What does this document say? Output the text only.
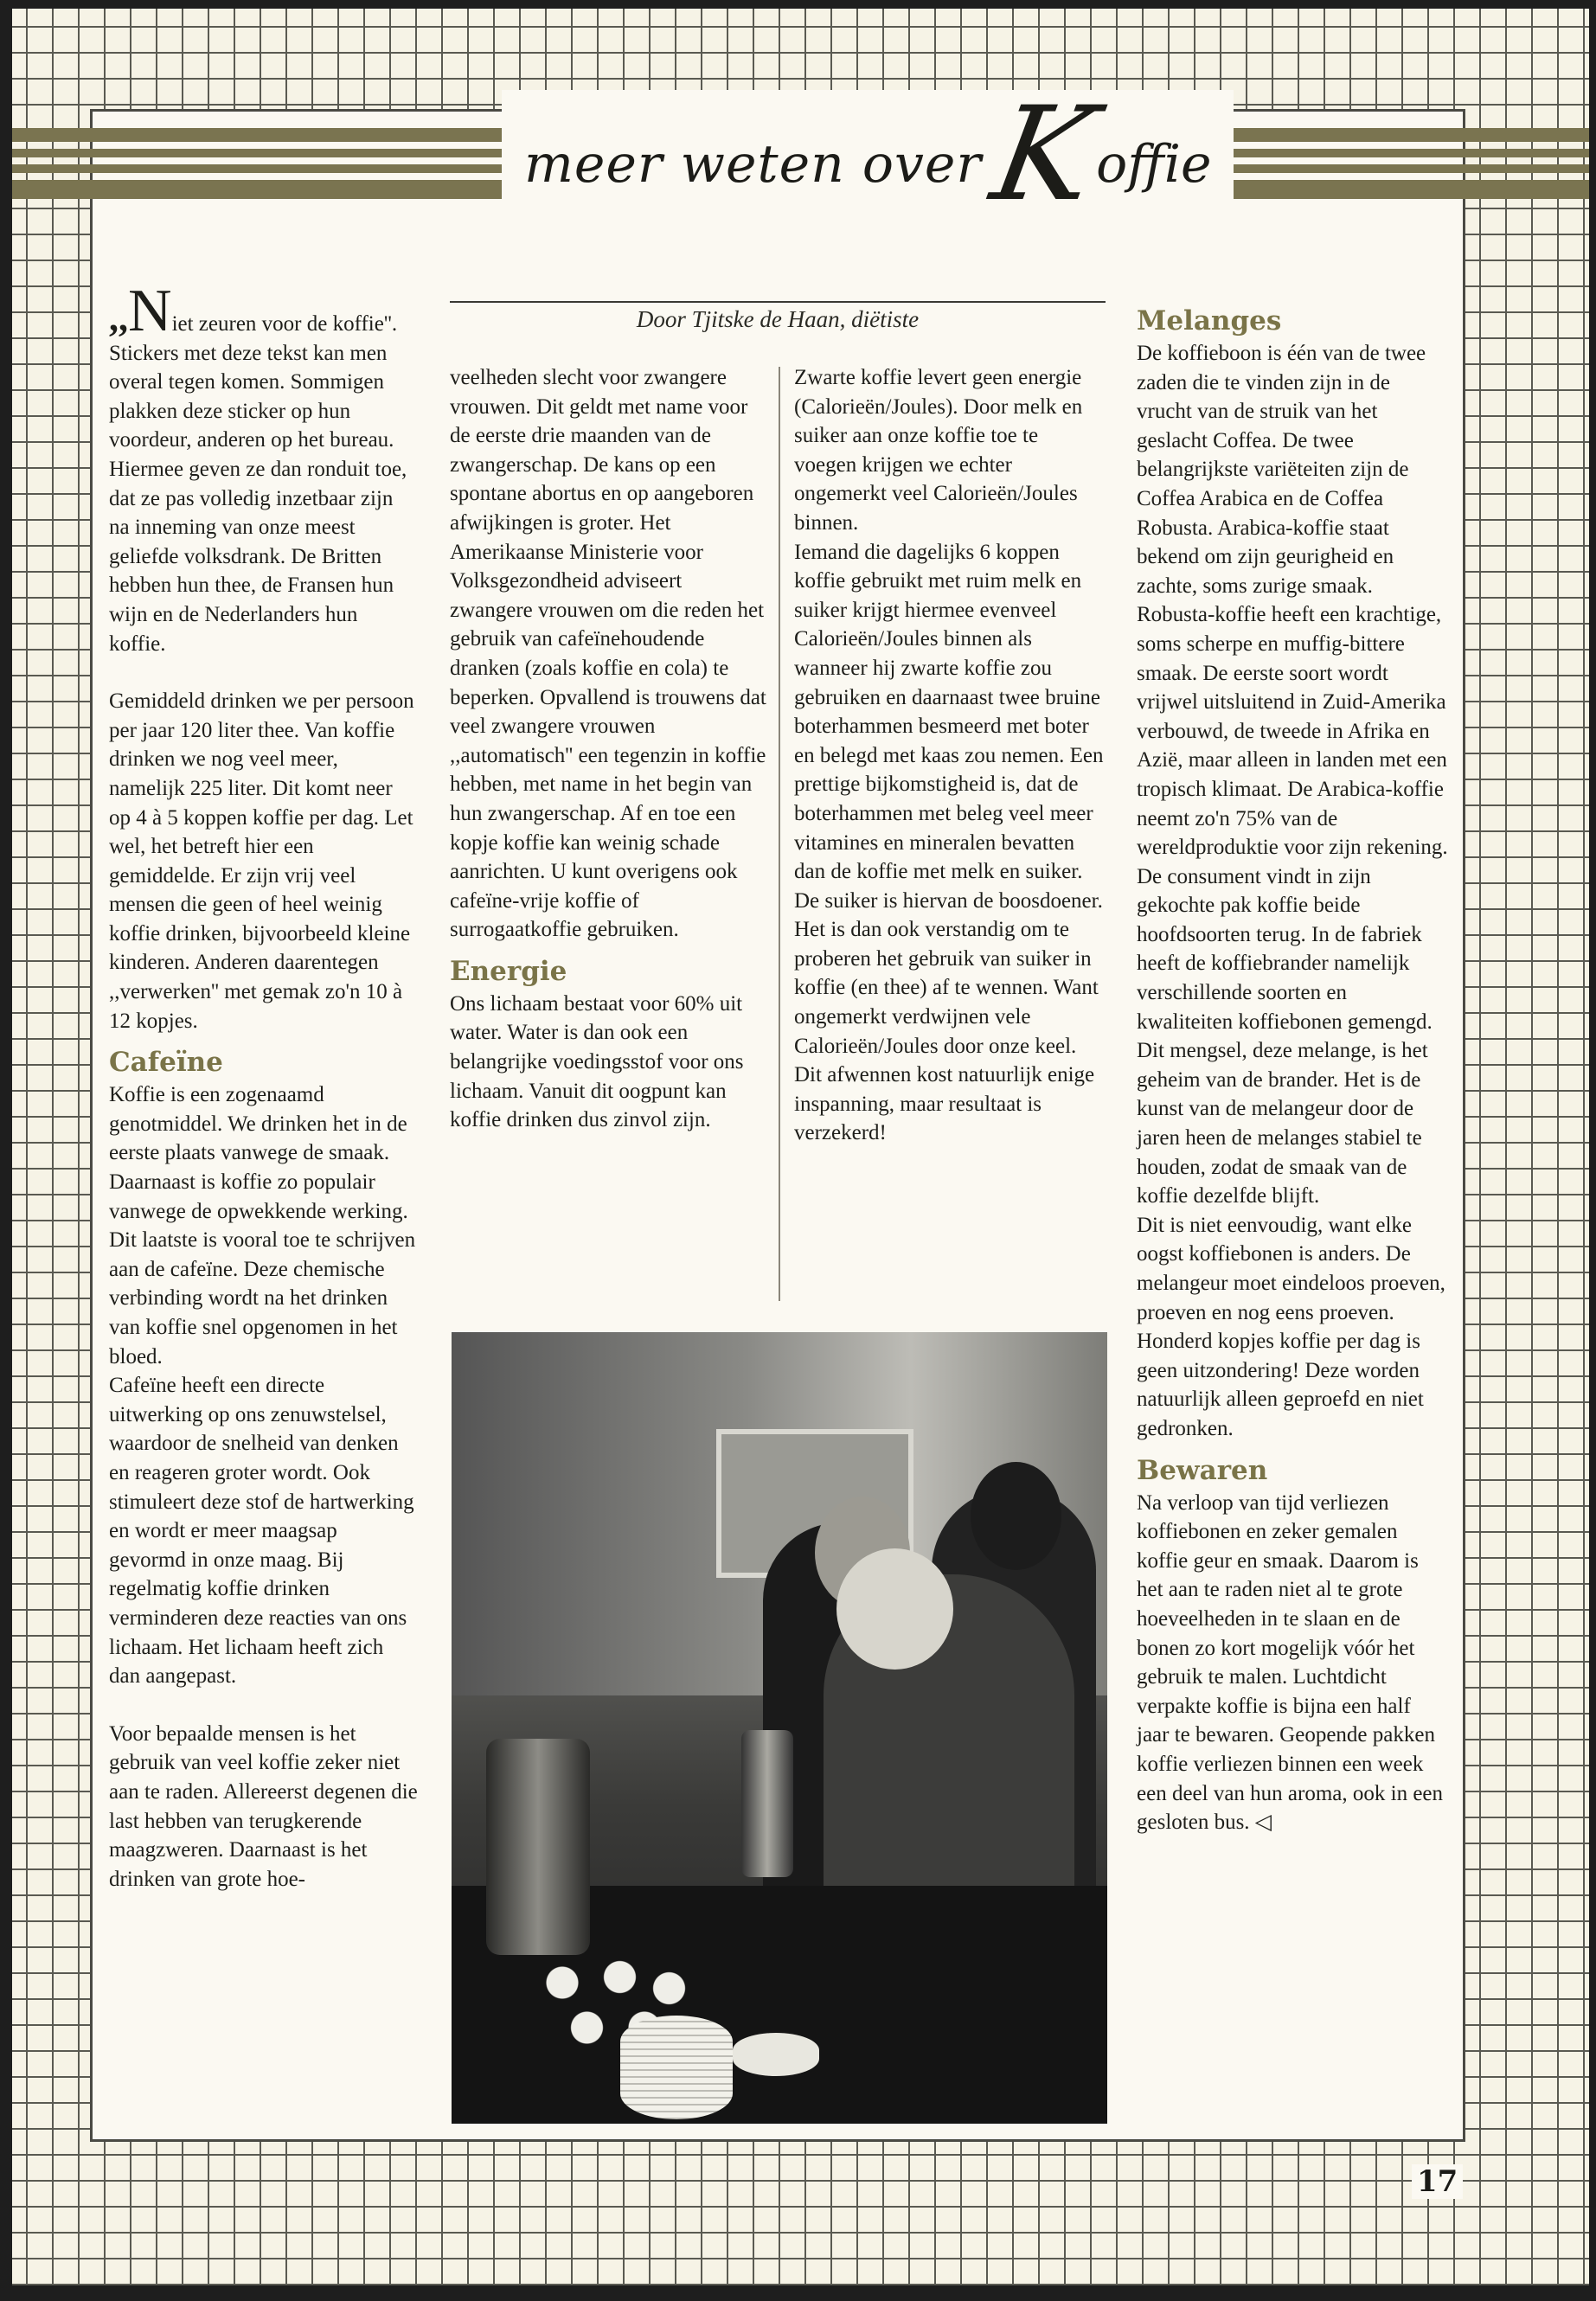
meer weten over K
offie
Door Tjitske de Haan, diëtiste

,,Niet zeuren voor de koffie''. Stickers met deze tekst kan men overal tegen komen. Sommigen plakken deze sticker op hun voordeur, anderen op het bureau. Hiermee geven ze dan ronduit toe, dat ze pas volledig inzetbaar zijn na inneming van onze meest geliefde volksdrank. De Britten hebben hun thee, de Fransen hun wijn en de Nederlanders hun koffie.

Gemiddeld drinken we per persoon per jaar 120 liter thee. Van koffie drinken we nog veel meer, namelijk 225 liter. Dit komt neer op 4 à 5 koppen koffie per dag. Let wel, het betreft hier een gemiddelde. Er zijn vrij veel mensen die geen of heel weinig koffie drinken, bijvoorbeeld kleine kinderen. Anderen daarentegen ,,verwerken'' met gemak zo'n 10 à 12 kopjes.

Cafeïne

Koffie is een zogenaamd genotmiddel. We drinken het in de eerste plaats vanwege de smaak. Daarnaast is koffie zo populair vanwege de opwekkende werking. Dit laatste is vooral toe te schrijven aan de cafeïne. Deze chemische verbinding wordt na het drinken van koffie snel opgenomen in het bloed.

Cafeïne heeft een directe uitwerking op ons zenuwstelsel, waardoor de snelheid van denken en reageren groter wordt. Ook stimuleert deze stof de hartwerking en wordt er meer maagsap gevormd in onze maag. Bij regelmatig koffie drinken verminderen deze reacties van ons lichaam. Het lichaam heeft zich dan aangepast.

Voor bepaalde mensen is het gebruik van veel koffie zeker niet aan te raden. Allereerst degenen die last hebben van terugkerende maagzweren. Daarnaast is het drinken van grote hoe-

veelheden slecht voor zwangere vrouwen. Dit geldt met name voor de eerste drie maanden van de zwangerschap. De kans op een spontane abortus en op aangeboren afwijkingen is groter. Het Amerikaanse Ministerie voor Volksgezondheid adviseert zwangere vrouwen om die reden het gebruik van cafeïnehoudende dranken (zoals koffie en cola) te beperken. Opvallend is trouwens dat veel zwangere vrouwen ,,automatisch'' een tegenzin in koffie hebben, met name in het begin van hun zwangerschap. Af en toe een kopje koffie kan weinig schade aanrichten. U kunt overigens ook cafeïne-vrije koffie of surrogaatkoffie gebruiken.

Energie

Ons lichaam bestaat voor 60% uit water. Water is dan ook een belangrijke voedingsstof voor ons lichaam. Vanuit dit oogpunt kan koffie drinken dus zinvol zijn.

Zwarte koffie levert geen energie (Calorieën/Joules). Door melk en suiker aan onze koffie toe te voegen krijgen we echter ongemerkt veel Calorieën/Joules binnen.

Iemand die dagelijks 6 koppen koffie gebruikt met ruim melk en suiker krijgt hiermee evenveel Calorieën/Joules binnen als wanneer hij zwarte koffie zou gebruiken en daarnaast twee bruine boterhammen besmeerd met boter en belegd met kaas zou nemen. Een prettige bijkomstigheid is, dat de boterhammen met beleg veel meer vitamines en mineralen bevatten dan de koffie met melk en suiker. De suiker is hiervan de boosdoener.

Het is dan ook verstandig om te proberen het gebruik van suiker in koffie (en thee) af te wennen. Want ongemerkt verdwijnen vele Calorieën/Joules door onze keel. Dit afwennen kost natuurlijk enige inspanning, maar resultaat is verzekerd!

Melanges

De koffieboon is één van de twee zaden die te vinden zijn in de vrucht van de struik van het geslacht Coffea. De twee belangrijkste variëteiten zijn de Coffea Arabica en de Coffea Robusta. Arabica-koffie staat bekend om zijn geurigheid en zachte, soms zurige smaak. Robusta-koffie heeft een krachtige, soms scherpe en muffig-bittere smaak. De eerste soort wordt vrijwel uitsluitend in Zuid-Amerika verbouwd, de tweede in Afrika en Azië, maar alleen in landen met een tropisch klimaat. De Arabica-koffie neemt zo'n 75% van de wereldproduktie voor zijn rekening.

De consument vindt in zijn gekochte pak koffie beide hoofdsoorten terug. In de fabriek heeft de koffiebrander namelijk verschillende soorten en kwaliteiten koffiebonen gemengd. Dit mengsel, deze melange, is het geheim van de brander. Het is de kunst van de melangeur door de jaren heen de melanges stabiel te houden, zodat de smaak van de koffie dezelfde blijft.

Dit is niet eenvoudig, want elke oogst koffiebonen is anders. De melangeur moet eindeloos proeven, proeven en nog eens proeven. Honderd kopjes koffie per dag is geen uitzondering! Deze worden natuurlijk alleen geproefd en niet gedronken.

Bewaren

Na verloop van tijd verliezen koffiebonen en zeker gemalen koffie geur en smaak. Daarom is het aan te raden niet al te grote hoeveelheden in te slaan en de bonen zo kort mogelijk vóór het gebruik te malen. Luchtdicht verpakte koffie is bijna een half jaar te bewaren. Geopende pakken koffie verliezen binnen een week een deel van hun aroma, ook in een gesloten bus. ◁

17
